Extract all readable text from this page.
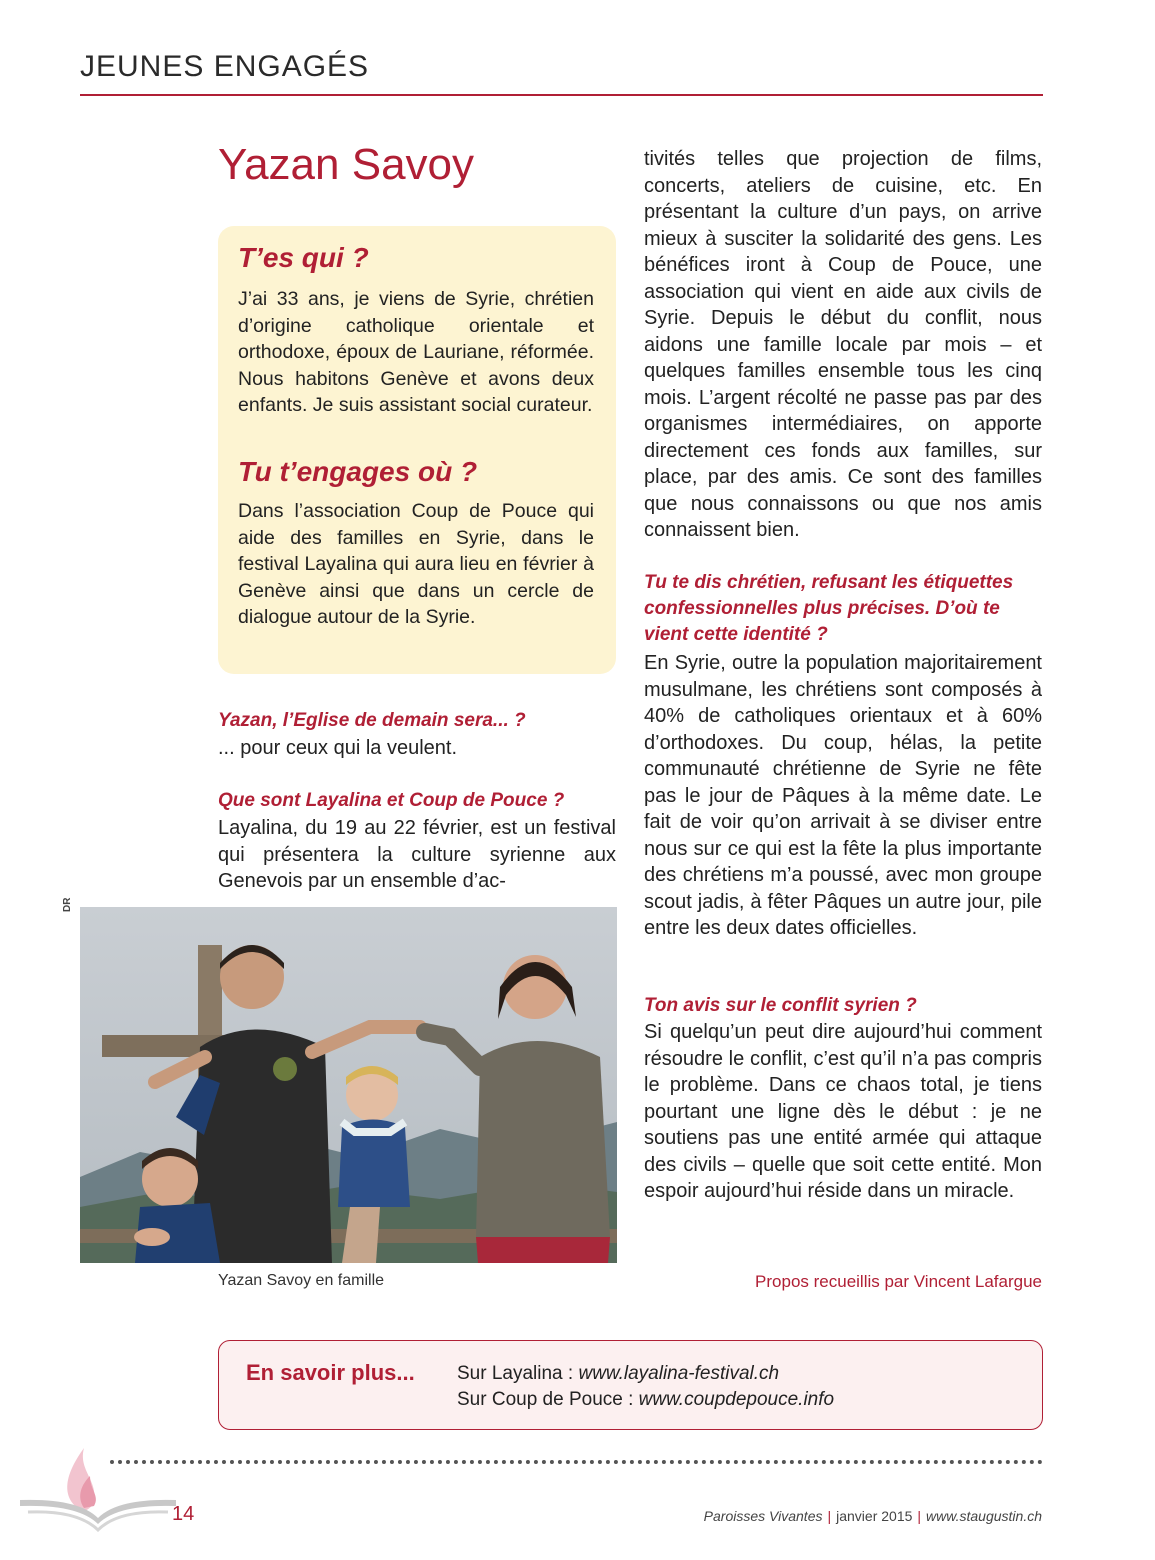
JEUNES ENGAGÉS
Yazan Savoy
T’es qui ?

J’ai 33 ans, je viens de Syrie, chrétien d’origine catholique orientale et orthodoxe, époux de Lauriane, réformée. Nous habitons Genève et avons deux enfants. Je suis assistant social curateur.

Tu t’engages où ?

Dans l’association Coup de Pouce qui aide des familles en Syrie, dans le festival Layalina qui aura lieu en février à Genève ainsi que dans un cercle de dialogue autour de la Syrie.

Yazan, l’Eglise de demain sera... ?

... pour ceux qui la veulent.

Que sont Layalina et Coup de Pouce ?

Layalina, du 19 au 22 février, est un festival qui présentera la culture syrienne aux Genevois par un ensemble d’ac-

tivités telles que projection de films, concerts, ateliers de cuisine, etc. En présentant la culture d’un pays, on arrive mieux à susciter la solidarité des gens. Les bénéfices iront à Coup de Pouce, une association qui vient en aide aux civils de Syrie. Depuis le début du conflit, nous aidons une famille locale par mois – et quelques familles ensemble tous les cinq mois. L’argent récolté ne passe pas par des organismes intermédiaires, on apporte directement ces fonds aux familles, sur place, par des amis. Ce sont des familles que nous connaissons ou que nos amis connaissent bien.

Tu te dis chrétien, refusant les étiquettes confessionnelles plus précises. D’où te vient cette identité ?

En Syrie, outre la population majoritairement musulmane, les chrétiens sont composés à 40% de catholiques orientaux et à 60% d’orthodoxes. Du coup, hélas, la petite communauté chrétienne de Syrie ne fête pas le jour de Pâques à la même date. Le fait de voir qu’on arrivait à se diviser entre nous sur ce qui est la fête la plus importante des chrétiens m’a poussé, avec mon groupe scout jadis, à fêter Pâques un autre jour, pile entre les deux dates officielles.

Ton avis sur le conflit syrien ?

Si quelqu’un peut dire aujourd’hui comment résoudre le conflit, c’est qu’il n’a pas compris le problème. Dans ce chaos total, je tiens pourtant une ligne dès le début : je ne soutiens pas une entité armée qui attaque des civils – quelle que soit cette entité. Mon espoir aujourd’hui réside dans un miracle.

DR
Yazan Savoy en famille	Propos recueillis par Vincent Lafargue
En savoir plus... Sur Layalina : www.layalina-festival.ch
Sur Coup de Pouce : www.coupdepouce.info
14	Paroisses Vivantes | janvier 2015 | www.staugustin.ch
